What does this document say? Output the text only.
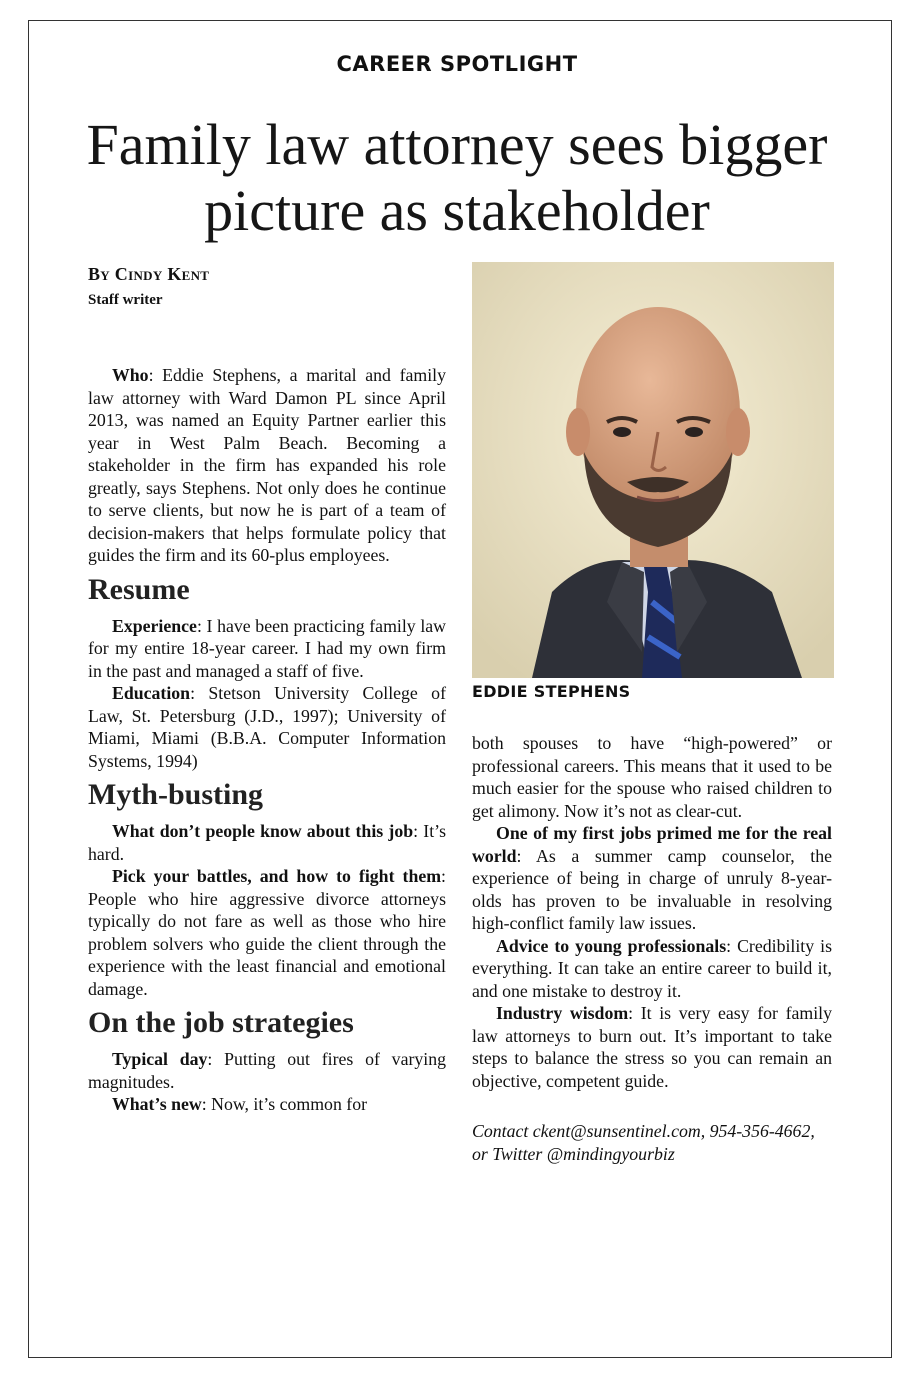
CAREER SPOTLIGHT
Family law attorney sees bigger picture as stakeholder
By Cindy Kent
Staff writer
EDDIE STEPHENS

Who: Eddie Stephens, a marital and family law attorney with Ward Damon PL since April 2013, was named an Equity Partner earlier this year in West Palm Beach. Becoming a stakeholder in the firm has expanded his role greatly, says Stephens. Not only does he continue to serve clients, but now he is part of a team of decision-makers that helps formulate policy that guides the firm and its 60-plus employees.

Resume

Experience: I have been practicing family law for my entire 18-year career. I had my own firm in the past and managed a staff of five.

Education: Stetson University College of Law, St. Petersburg (J.D., 1997); University of Miami, Miami (B.B.A. Computer Information Systems, 1994)

Myth-busting

What don’t people know about this job: It’s hard.

Pick your battles, and how to fight them: People who hire aggressive divorce attorneys typically do not fare as well as those who hire problem solvers who guide the client through the experience with the least financial and emotional damage.

On the job strategies

Typical day: Putting out fires of varying magnitudes.

What’s new: Now, it’s common for

both spouses to have “high-powered” or professional careers. This means that it used to be much easier for the spouse who raised children to get alimony. Now it’s not as clear-cut.

One of my first jobs primed me for the real world: As a summer camp counselor, the experience of being in charge of unruly 8-year-olds has proven to be invaluable in resolving high-conflict family law issues.

Advice to young professionals: Credibility is everything. It can take an entire career to build it, and one mistake to destroy it.

Industry wisdom: It is very easy for family law attorneys to burn out. It’s important to take steps to balance the stress so you can remain an objective, competent guide.

Contact ckent@sunsentinel.com, 954-356-4662, or Twitter @mindingyourbiz
